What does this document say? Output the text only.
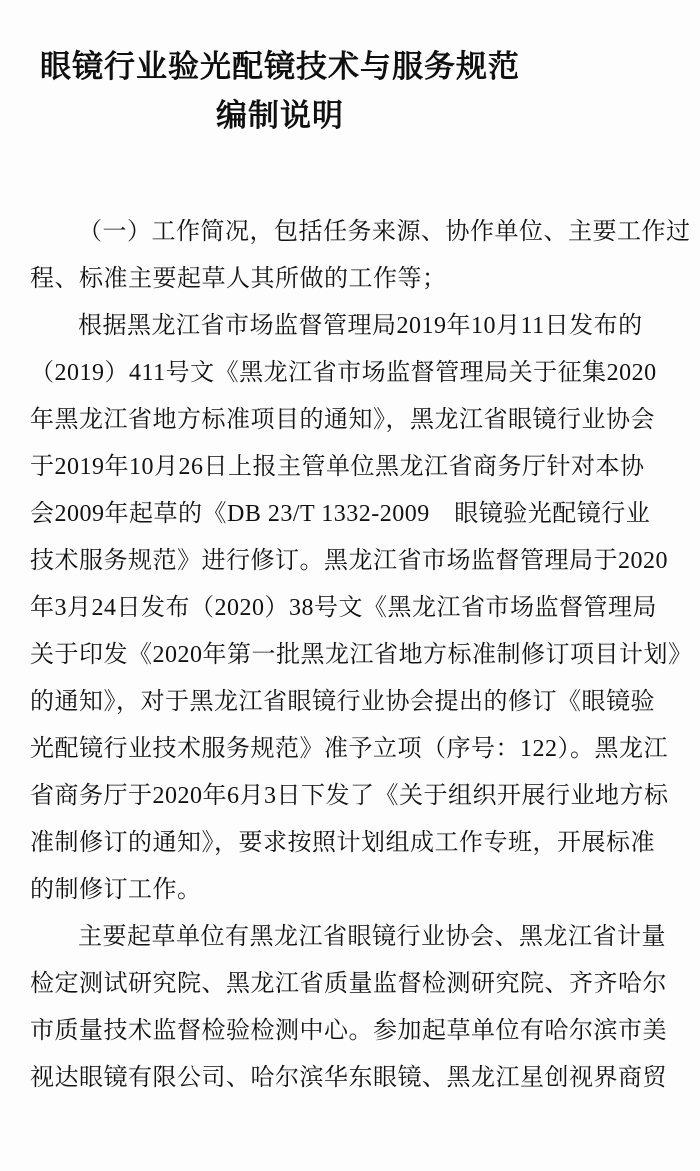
眼镜行业验光配镜技术与服务规范
编制说明
（一）工作简况，包括任务来源、协作单位、主要工作过
程、标准主要起草人其所做的工作等；
根据黑龙江省市场监督管理局2019年10月11日发布的
（2019）411号文《黑龙江省市场监督管理局关于征集2020
年黑龙江省地方标准项目的通知》，黑龙江省眼镜行业协会
于2019年10月26日上报主管单位黑龙江省商务厅针对本协
会2009年起草的《DB 23/T 1332-2009　眼镜验光配镜行业
技术服务规范》进行修订。黑龙江省市场监督管理局于2020
年3月24日发布（2020）38号文《黑龙江省市场监督管理局
关于印发《2020年第一批黑龙江省地方标准制修订项目计划》
的通知》，对于黑龙江省眼镜行业协会提出的修订《眼镜验
光配镜行业技术服务规范》准予立项（序号：122）。黑龙江
省商务厅于2020年6月3日下发了《关于组织开展行业地方标
准制修订的通知》，要求按照计划组成工作专班，开展标准
的制修订工作。
主要起草单位有黑龙江省眼镜行业协会、黑龙江省计量
检定测试研究院、黑龙江省质量监督检测研究院、齐齐哈尔
市质量技术监督检验检测中心。参加起草单位有哈尔滨市美
视达眼镜有限公司、哈尔滨华东眼镜、黑龙江星创视界商贸
